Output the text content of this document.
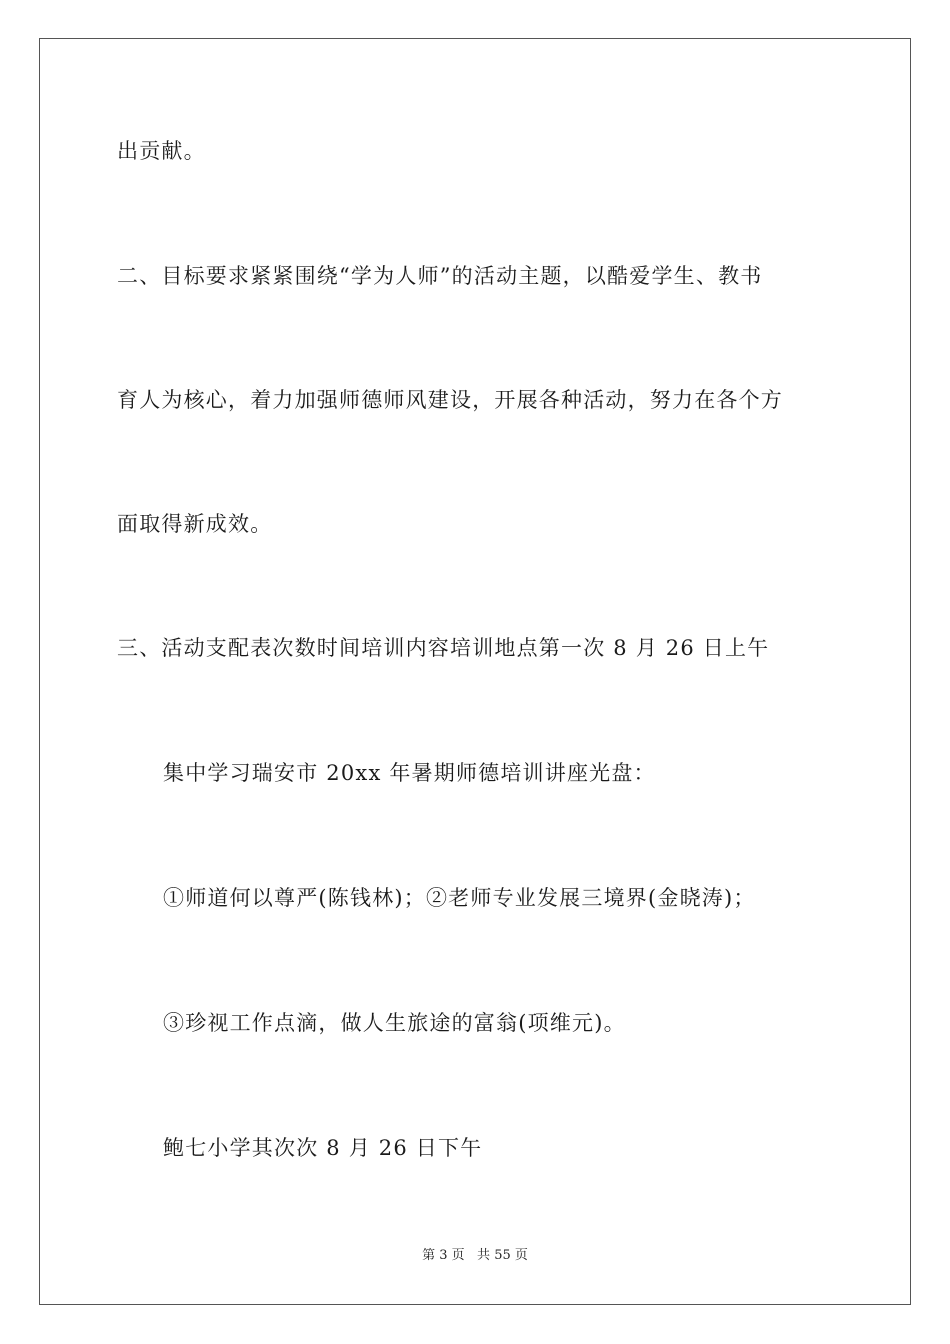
出贡献。
二、目标要求紧紧围绕“学为人师”的活动主题，以酷爱学生、教书
育人为核心，着力加强师德师风建设，开展各种活动，努力在各个方
面取得新成效。
三、活动支配表次数时间培训内容培训地点第一次 8 月 26 日上午
集中学习瑞安市 20xx 年暑期师德培训讲座光盘：
①师道何以尊严(陈钱林)；②老师专业发展三境界(金晓涛)；
③珍视工作点滴，做人生旅途的富翁(项维元)。
鲍七小学其次次 8 月 26 日下午
第 3 页   共 55 页
